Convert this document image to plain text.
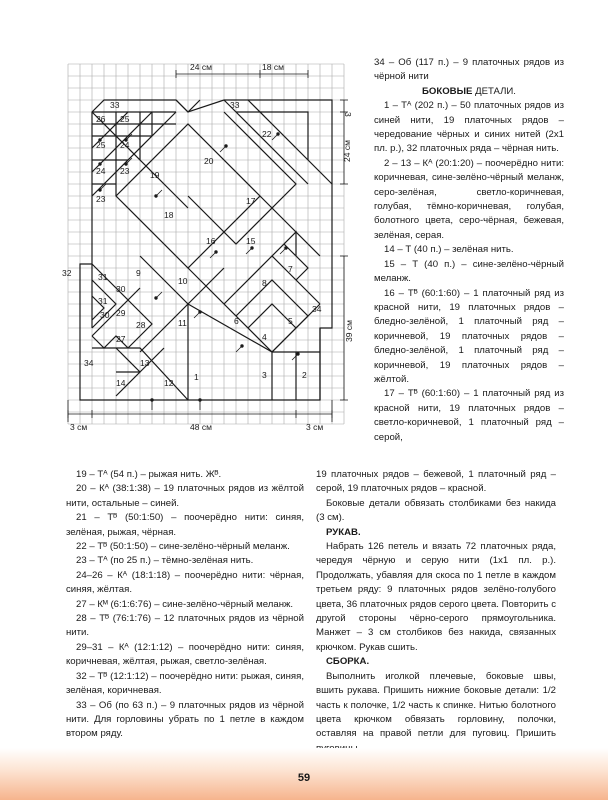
24 см	18 см
3
24 см
39 см
3 см	48 см	3 см
33	33
26 25
22
25 24
20
24 23 19
23
18
17
16	15
32	31	10
9
8
7
30
31
29
30
28
27
11	6	5
4
34
34	13
12
14
1	3	2

34 – Об (117 п.) – 9 платочных рядов из чёрной нити

БОКОВЫЕ ДЕТАЛИ.

1 – Тᴬ (202 п.) – 50 платочных рядов из синей нити, 19 платочных рядов – чередование чёрных и синих нитей (2х1 пл. р.), 32 платочных ряда – чёрная нить.

2 – 13 – Кᴬ (20:1:20) – поочерёдно нити: коричневая, сине-зелёно-чёрный меланж, серо-зелёная, светло-коричневая, голубая, тёмно-коричневая, голубая, болотного цвета, серо-чёрная, бежевая, зелёная, серая.

14 – Т (40 п.) – зелёная нить.

15 – Т (40 п.) – сине-зелёно-чёрный меланж.

16 – Тᴮ (60:1:60) – 1 платочный ряд из красной нити, 19 платочных рядов – бледно-зелёной, 1 платочный ряд – коричневой, 19 платочных рядов – бледно-зелёной, 1 платочный ряд – коричневой, 19 платочных рядов – жёлтой.

17 – Тᴮ (60:1:60) – 1 платочный ряд из красной нити, 19 платочных рядов – светло-коричневой, 1 платочный ряд – серой,

19 – Тᴬ (54 п.) – рыжая нить. Жᴮ.

20 – Кᴬ (38:1:38) – 19 платочных рядов из жёлтой нити, остальные – синей.

21 – Тᴮ (50:1:50) – поочерёдно нити: синяя, зелёная, рыжая, чёрная.

22 – Тᴮ (50:1:50) – сине-зелёно-чёрный меланж.

23 – Тᴬ (по 25 п.) – тёмно-зелёная нить.

24–26 – Кᴬ (18:1:18) – поочерёдно нити: чёрная, синяя, жёлтая.

27 – Кᴹ (6:1:6:76) – сине-зелёно-чёрный меланж.

28 – Тᴮ (76:1:76) – 12 платочных рядов из чёрной нити.

29–31 – Кᴬ (12:1:12) – поочерёдно нити: синяя, коричневая, жёлтая, рыжая, светло-зелёная.

32 – Тᴮ (12:1:12) – поочерёдно нити: рыжая, синяя, зелёная, коричневая.

33 – Об (по 63 п.) – 9 платочных рядов из чёрной нити. Для горловины убрать по 1 петле в каждом втором ряду.

19 платочных рядов – бежевой, 1 платочный ряд – серой, 19 платочных рядов – красной.

Боковые детали обвязать столбиками без накида (3 см).

РУКАВ.

Набрать 126 петель и вязать 72 платочных ряда, чередуя чёрную и серую нити (1х1 пл. р.). Продолжать, убавляя для скоса по 1 петле в каждом третьем ряду: 9 платочных рядов зелёно-голубого цвета, 36 платочных рядов серого цвета. Повторить с другой стороны чёрно-серого прямоугольника. Манжет – 3 см столбиков без накида, связанных крючком. Рукав сшить.

СБОРКА.

Выполнить иголкой плечевые, боковые швы, вшить рукава. Пришить нижние боковые детали: 1/2 часть к полочке, 1/2 часть к спинке. Нитью болотного цвета крючком обвязать горловину, полочки, оставляя на правой петли для пуговиц. Пришить

59
